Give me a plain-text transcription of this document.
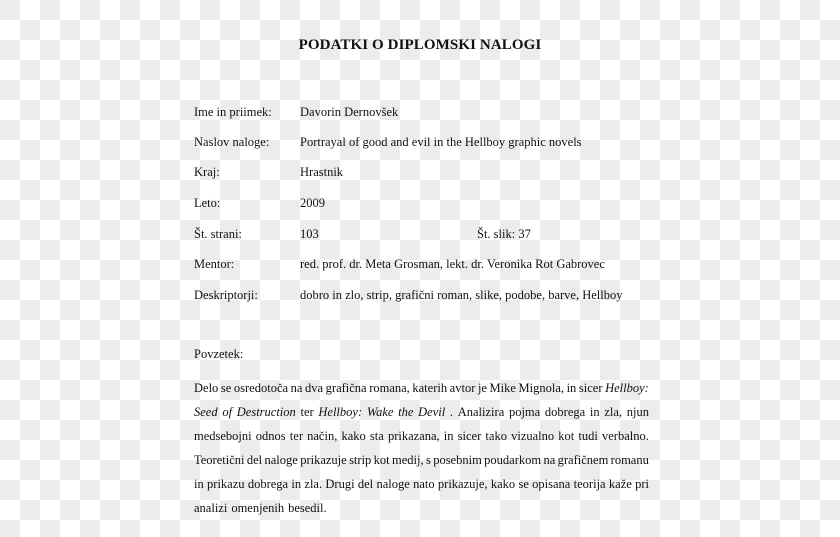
PODATKI O DIPLOMSKI NALOGI
Ime in priimek: Davorin Dernovšek
Naslov naloge: Portrayal of good and evil in the Hellboy graphic novels
Kraj:	Hrastnik
Leto:	2009
Št. strani:	103	Št. slik: 37
Mentor:	red. prof. dr. Meta Grosman, lekt. dr. Veronika Rot Gabrovec
Deskriptorji:	dobro in zlo, strip, grafični roman, slike, podobe, barve, Hellboy
Povzetek:
Delo se osredotoča na dva grafična romana, katerih avtor je Mike Mignola, in sicer Hellboy:
Seed of Destruction ter Hellboy: Wake the Devil . Analizira pojma dobrega in zla, njun
medsebojni odnos ter način, kako sta prikazana, in sicer tako vizualno kot tudi verbalno.
Teoretični del naloge prikazuje strip kot medij, s posebnim poudarkom na grafičnem romanu
in prikazu dobrega in zla. Drugi del naloge nato prikazuje, kako se opisana teorija kaže pri
analizi omenjenih besedil.
